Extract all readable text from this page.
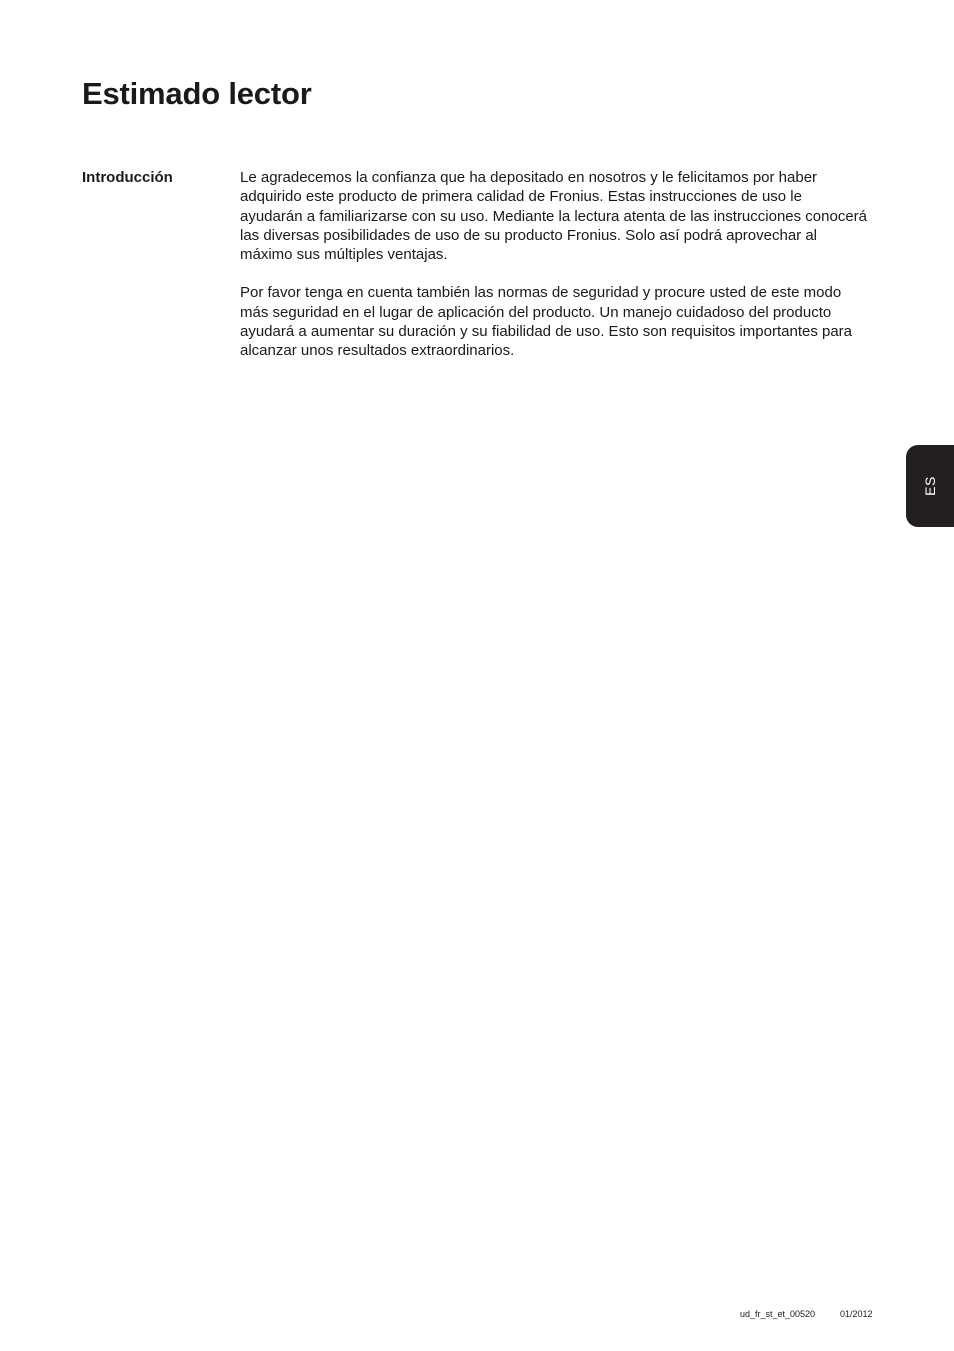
Estimado lector
Introducción	Le agradecemos la confianza que ha depositado en nosotros y le felicitamos por haber adquirido este producto de primera calidad de Fronius. Estas instrucciones de uso le ayudarán a familiarizarse con su uso. Mediante la lectura atenta de las instrucciones conocerá las diversas posibilidades de uso de su producto Fronius. Solo así podrá aprovechar al máximo sus múltiples ventajas.

Por favor tenga en cuenta también las normas de seguridad y procure usted de este modo más seguridad en el lugar de aplicación del producto. Un manejo cuidadoso del producto ayudará a aumentar su duración y su fiabilidad de uso. Esto son requisitos importantes para alcanzar unos resultados extraordinarios.

ES
ud_fr_st_et_00520	01/2012
